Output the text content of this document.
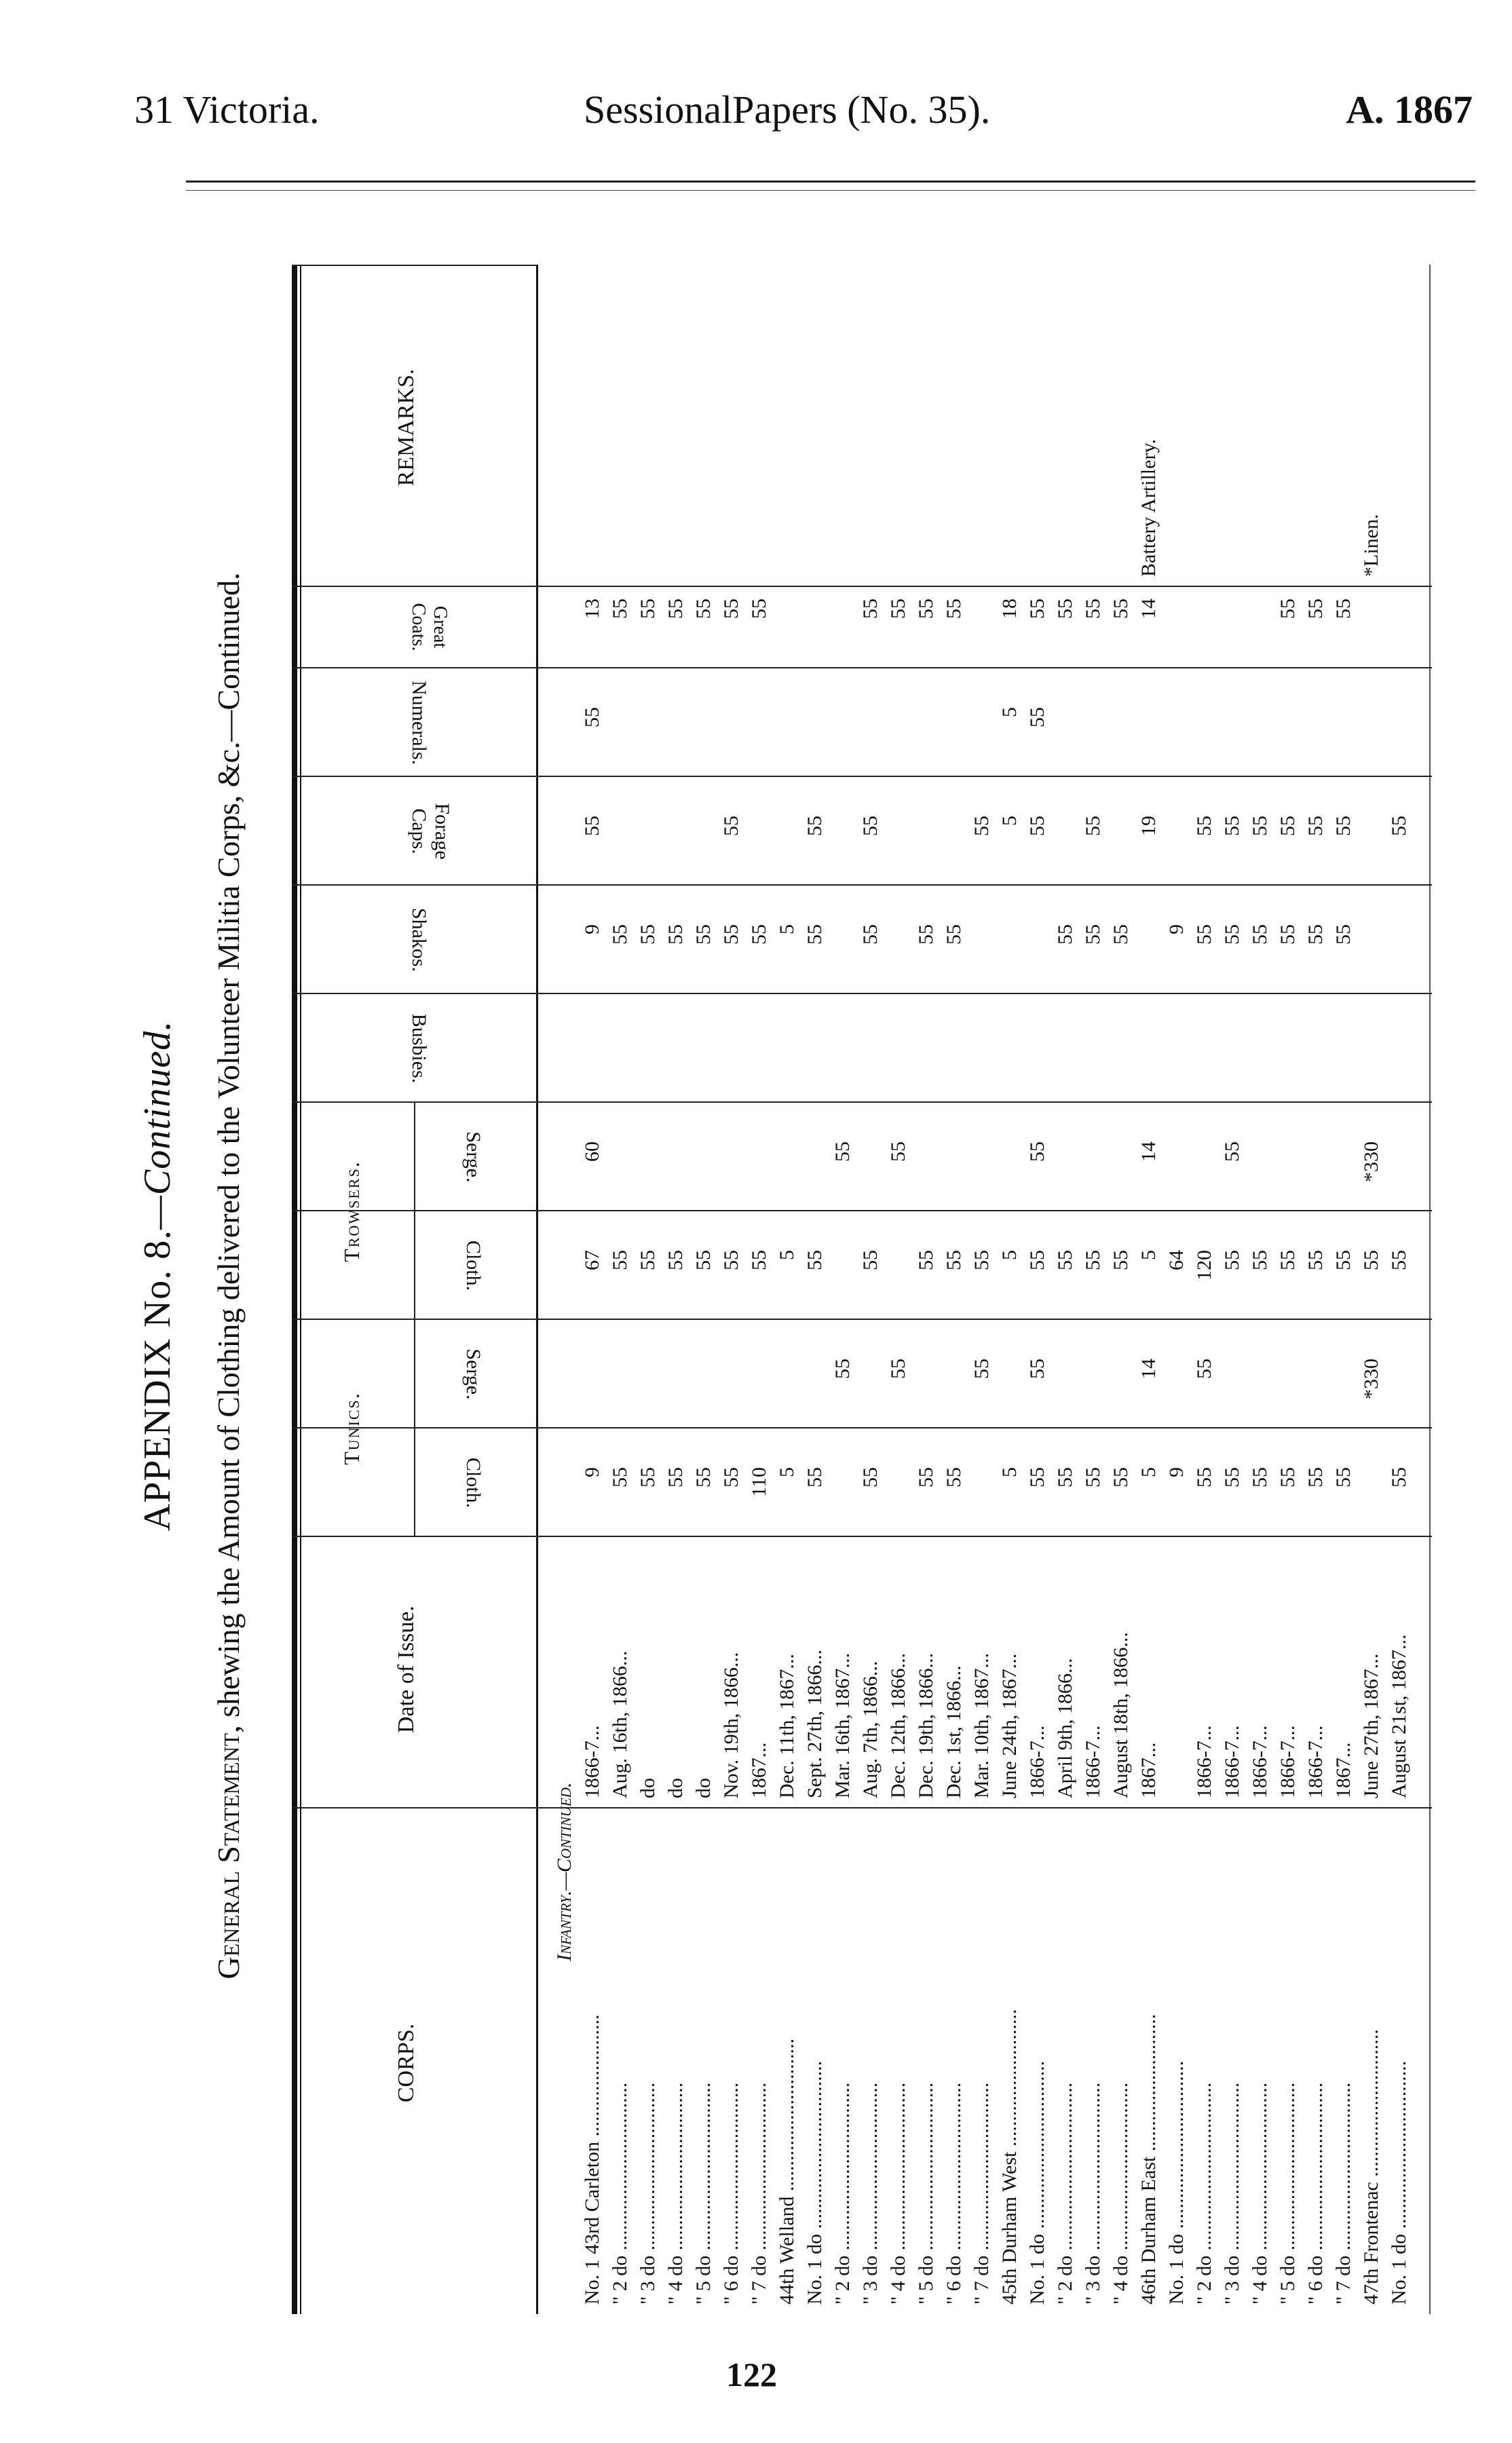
31 Victoria.	SessionalPapers (No. 35).	A. 1867
APPENDIX No. 8.—Continued.
General Statement, shewing the Amount of Clothing delivered to the Volunteer Militia Corps, &c.—Continued.
CORPS.
Date of Issue.
Tunics.
Trowsers.
Cloth.
Serge.
Cloth.
Serge.
Busbies.
Shakos.
Forage Caps.
Numerals.
Great Coats.
REMARKS.
Infantry.—Continued.
No. 1 43rd Carleton ........................
1866-7...
9
67
60
9
55
55
13
" 2 do .................................
Aug. 16th, 1866...
55
55
55
55
" 3 do .................................
do
55
55
55
55
" 4 do .................................
do
55
55
55
55
" 5 do .................................
do
55
55
55
55
" 6 do .................................
Nov. 19th, 1866...
55
55
55
55
55
" 7 do .................................
1867...
110
55
55
55
44th Welland ..............................
Dec. 11th, 1867...
5
5
5
No. 1 do .................................
Sept. 27th, 1866...
55
55
55
55
" 2 do .................................
Mar. 16th, 1867...
55
55
" 3 do .................................
Aug. 7th, 1866...
55
55
55
55
55
" 4 do .................................
Dec. 12th, 1866...
55
55
55
" 5 do .................................
Dec. 19th, 1866...
55
55
55
55
" 6 do .................................
Dec. 1st, 1866...
55
55
55
55
" 7 do .................................
Mar. 10th, 1867...
55
55
55
45th Durham West ...........................
June 24th, 1867...
5
5
5
5
18
No. 1 do .................................
1866-7...
55
55
55
55
55
55
55
" 2 do .................................
April 9th, 1866...
55
55
55
55
" 3 do .................................
1866-7...
55
55
55
55
55
" 4 do .................................
August 18th, 1866...
55
55
55
55
46th Durham East ...........................
1867...
5
14
5
14
19
14
Battery Artillery.
No. 1 do .................................
9
64
9
" 2 do .................................
1866-7...
55
55
120
55
55
" 3 do .................................
1866-7...
55
55
55
55
55
" 4 do .................................
1866-7...
55
55
55
55
" 5 do .................................
1866-7...
55
55
55
55
55
" 6 do .................................
1866-7...
55
55
55
55
55
" 7 do .................................
1867...
55
55
55
55
55
47th Frontenac .............................
June 27th, 1867...
*330
55
*330
*Linen.
No. 1 do .................................
August 21st, 1867...
55
55
55
122
